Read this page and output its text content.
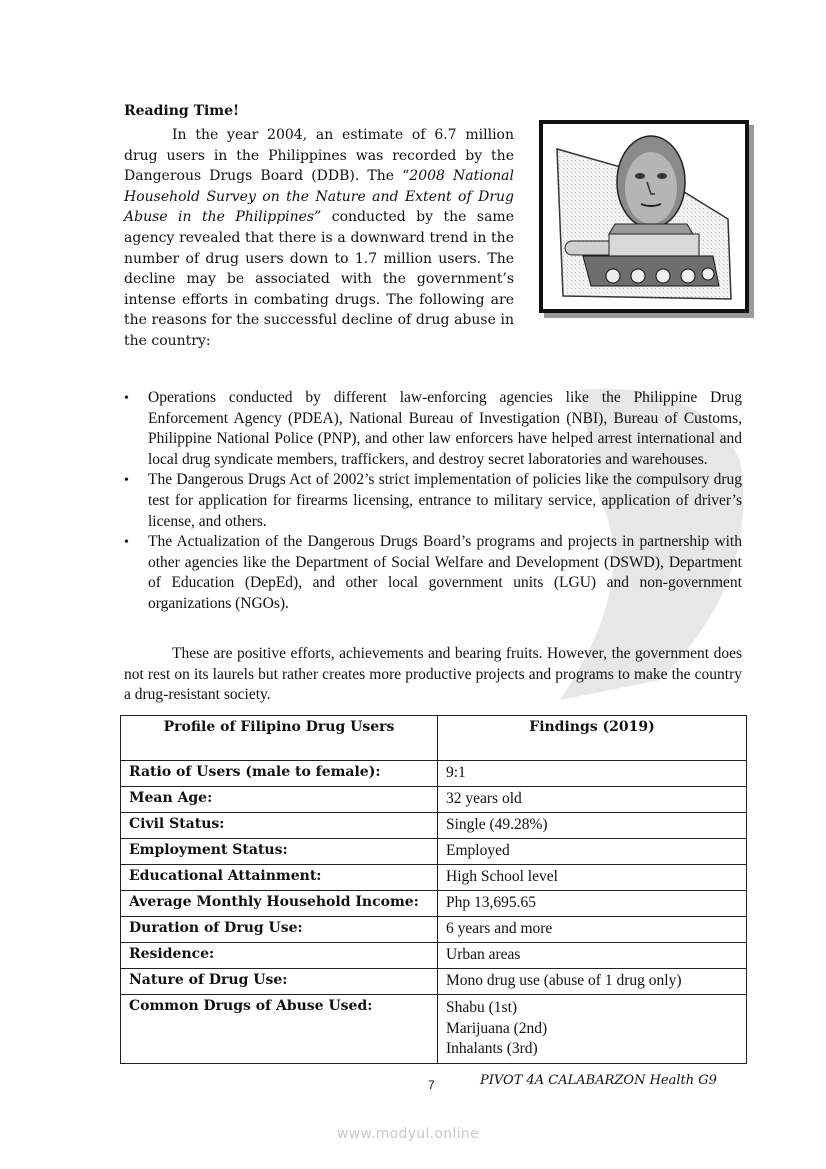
Reading Time!
In the year 2004, an estimate of 6.7 million drug users in the Philippines was recorded by the Dangerous Drugs Board (DDB). The “2008 National Household Survey on the Nature and Extent of Drug Abuse in the Philippines” conducted by the same agency revealed that there is a downward trend in the number of drug users down to 1.7 million users. The decline may be associated with the government’s intense efforts in combating drugs. The following are the reasons for the successful decline of drug abuse in the country:
•
Operations conducted by different law-enforcing agencies like the Philippine Drug Enforcement Agency (PDEA), National Bureau of Investigation (NBI), Bureau of Customs, Philippine National Police (PNP), and other law enforcers have helped arrest international and local drug syndicate members, traffickers, and destroy secret laboratories and warehouses.
•
The Dangerous Drugs Act of 2002’s strict implementation of policies like the compulsory drug test for application for firearms licensing, entrance to military service, application of driver’s license, and others.
•
The Actualization of the Dangerous Drugs Board’s programs and projects in partnership with other agencies like the Department of Social Welfare and Development (DSWD), Department of Education (DepEd), and other local government units (LGU) and non-government organizations (NGOs).
These are positive efforts, achievements and bearing fruits. However, the government does not rest on its laurels but rather creates more productive projects and programs to make the country a drug-resistant society.
Profile of Filipino Drug Users	Findings (2019)
Ratio of Users (male to female):	9:1
Mean Age:	32 years old
Civil Status:	Single (49.28%)
Employment Status:	Employed
Educational Attainment:	High School level
Average Monthly Household Income:	Php 13,695.65
Duration of Drug Use:	6 years and more
Residence:	Urban areas
Nature of Drug Use:	Mono drug use (abuse of 1 drug only)
Common Drugs of Abuse Used:	Shabu (1st)
Marijuana (2nd)
Inhalants (3rd)
7	PIVOT 4A CALABARZON Health G9
www.modyul.online
